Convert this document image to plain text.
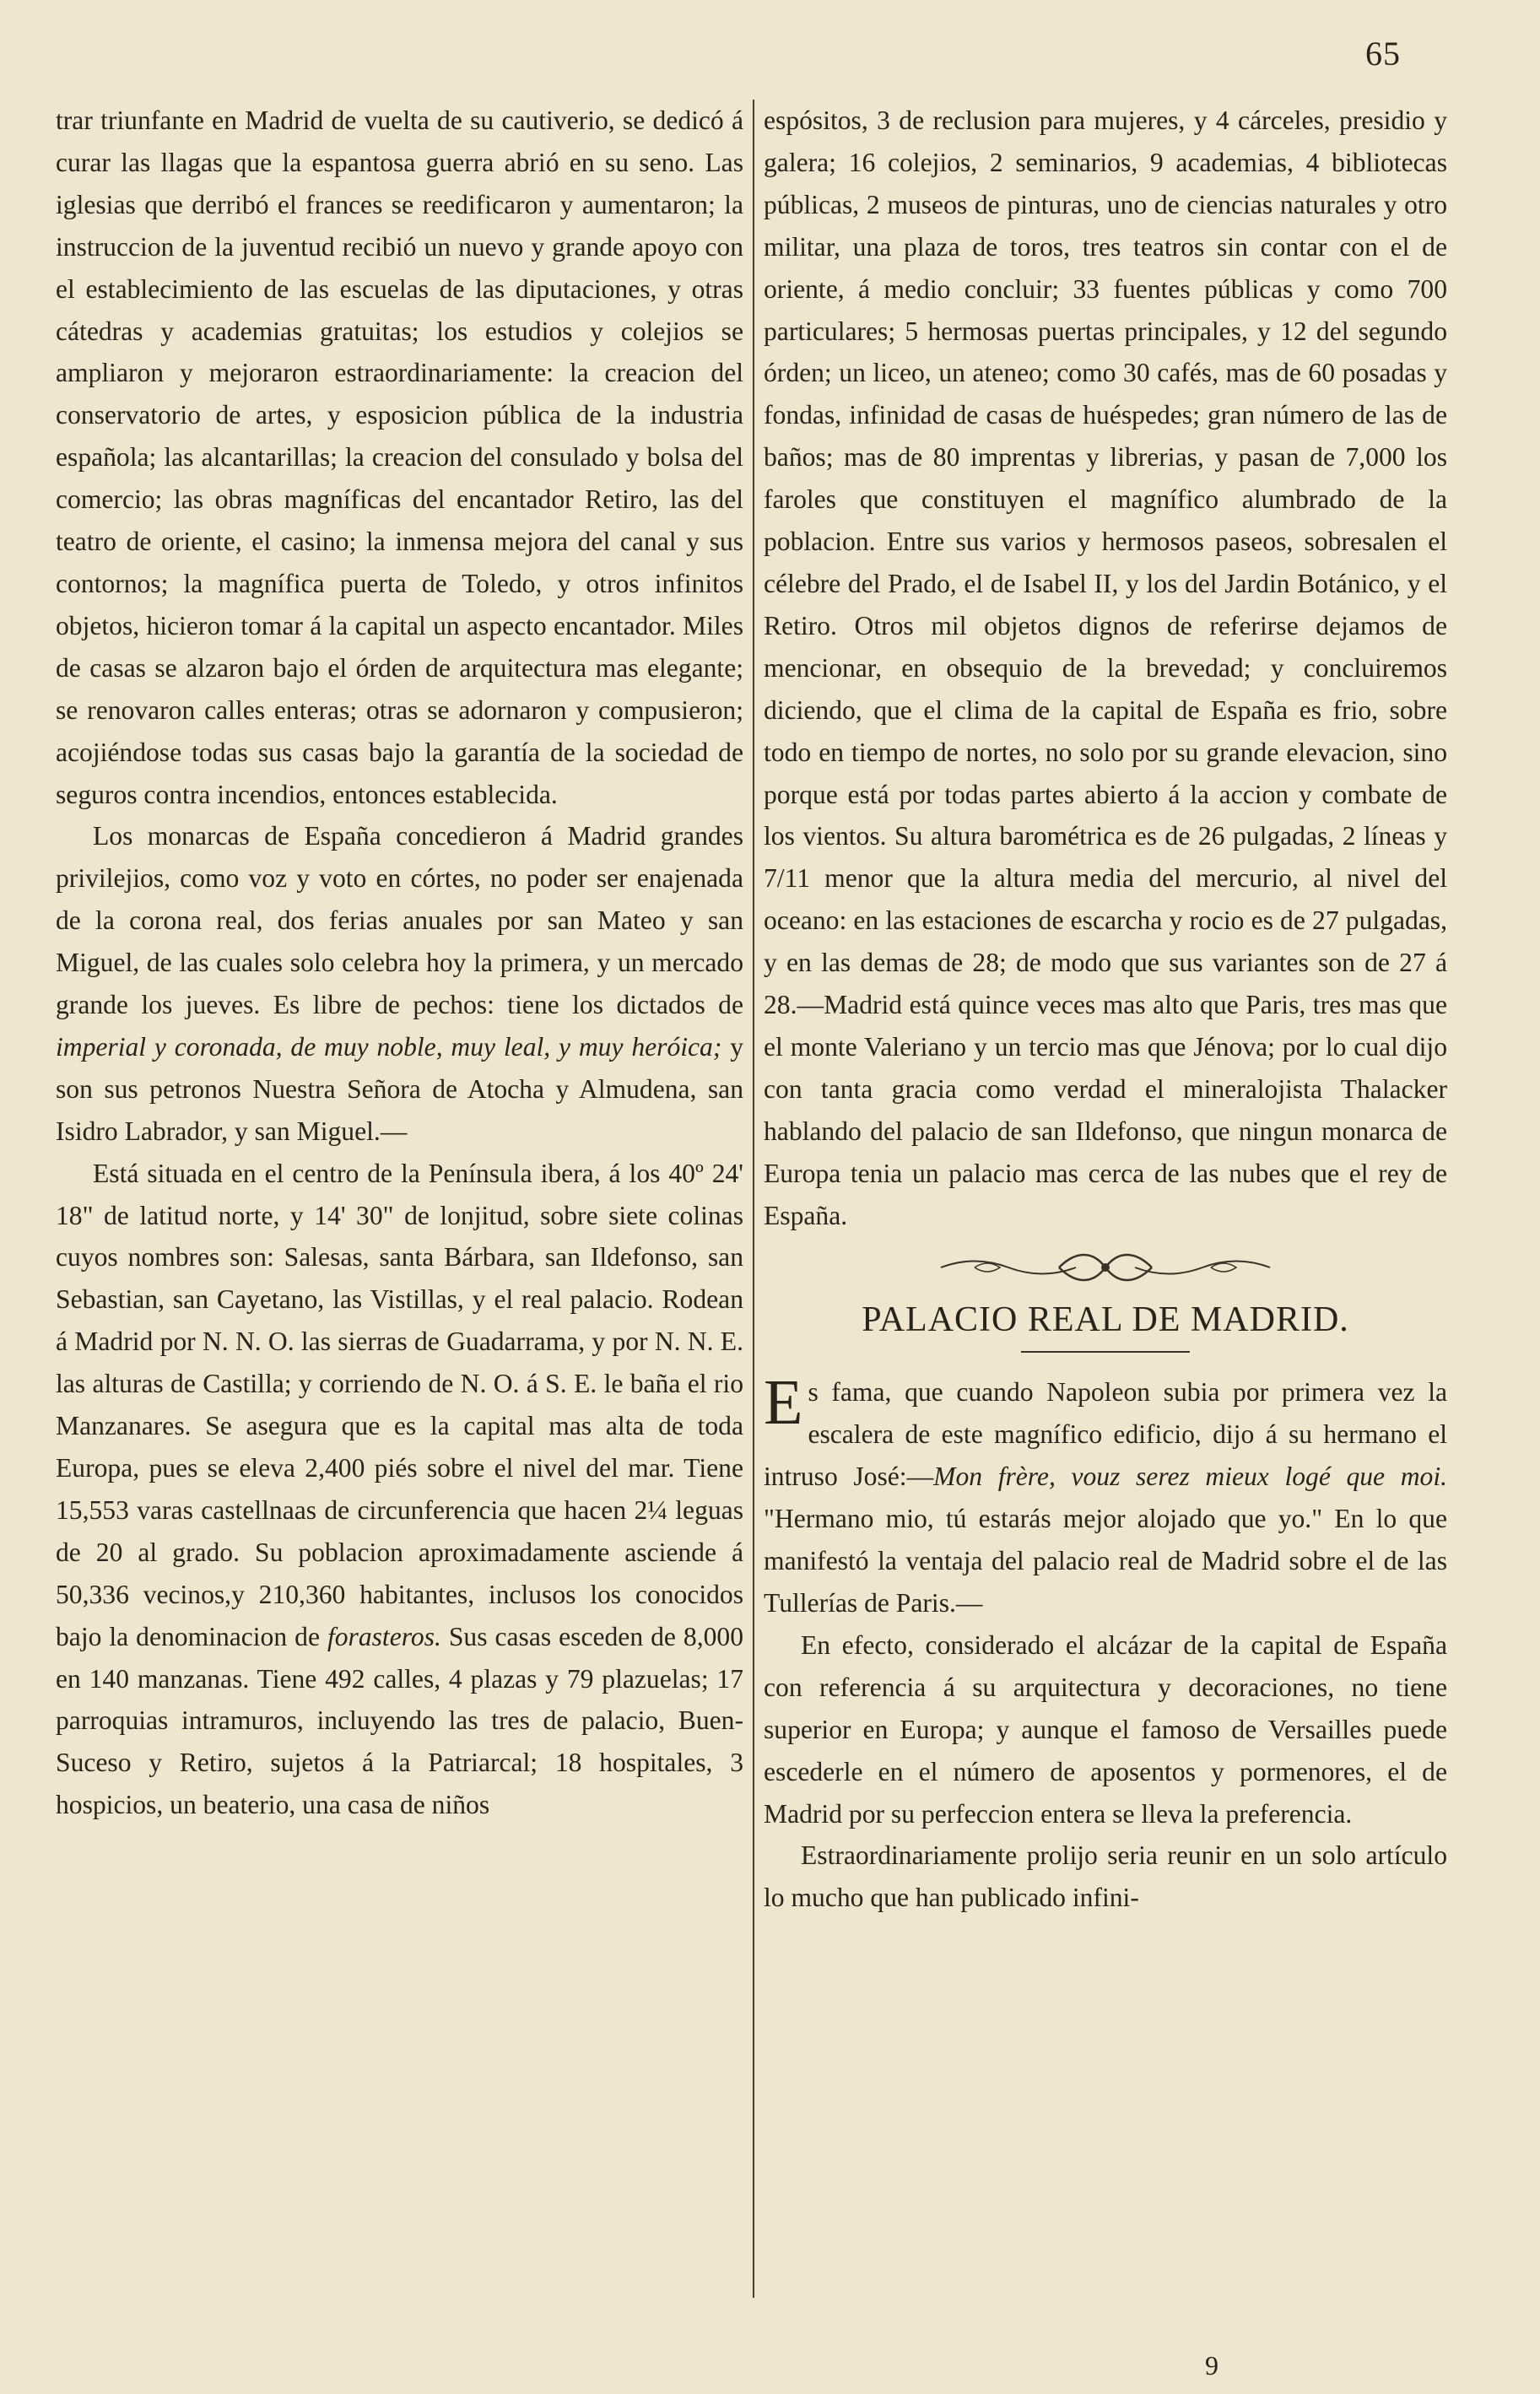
65

trar triunfante en Madrid de vuelta de su cautiverio, se dedicó á curar las llagas que la espantosa guerra abrió en su seno. Las iglesias que derribó el frances se reedificaron y aumentaron; la instruccion de la juventud recibió un nuevo y grande apoyo con el establecimiento de las escuelas de las diputaciones, y otras cátedras y academias gratuitas; los estudios y colejios se ampliaron y mejoraron estraordinariamente: la creacion del conservatorio de artes, y esposicion pública de la industria española; las alcantarillas; la creacion del consulado y bolsa del comercio; las obras magníficas del encantador Retiro, las del teatro de oriente, el casino; la inmensa mejora del canal y sus contornos; la magnífica puerta de Toledo, y otros infinitos objetos, hicieron tomar á la capital un aspecto encantador. Miles de casas se alzaron bajo el órden de arquitectura mas elegante; se renovaron calles enteras; otras se adornaron y compusieron; acojiéndose todas sus casas bajo la garantía de la sociedad de seguros contra incendios, entonces establecida.

Los monarcas de España concedieron á Madrid grandes privilejios, como voz y voto en córtes, no poder ser enajenada de la corona real, dos ferias anuales por san Mateo y san Miguel, de las cuales solo celebra hoy la primera, y un mercado grande los jueves. Es libre de pechos: tiene los dictados de imperial y coronada, de muy noble, muy leal, y muy heróica; y son sus petronos Nuestra Señora de Atocha y Almudena, san Isidro Labrador, y san Miguel.—

Está situada en el centro de la Península ibera, á los 40º 24' 18" de latitud norte, y 14' 30" de lonjitud, sobre siete colinas cuyos nombres son: Salesas, santa Bárbara, san Ildefonso, san Sebastian, san Cayetano, las Vistillas, y el real palacio. Rodean á Madrid por N. N. O. las sierras de Guadarrama, y por N. N. E. las alturas de Castilla; y corriendo de N. O. á S. E. le baña el rio Manzanares. Se asegura que es la capital mas alta de toda Europa, pues se eleva 2,400 piés sobre el nivel del mar. Tiene 15,553 varas castellnaas de circunferencia que hacen 2¼ leguas de 20 al grado. Su poblacion aproximadamente asciende á 50,336 vecinos,y 210,360 habitantes, inclusos los conocidos bajo la denominacion de forasteros. Sus casas esceden de 8,000 en 140 manzanas. Tiene 492 calles, 4 plazas y 79 plazuelas; 17 parroquias intramuros, incluyendo las tres de palacio, Buen-Suceso y Retiro, sujetos á la Patriarcal; 18 hospitales, 3 hospicios, un beaterio, una casa de niños

espósitos, 3 de reclusion para mujeres, y 4 cárceles, presidio y galera; 16 colejios, 2 seminarios, 9 academias, 4 bibliotecas públicas, 2 museos de pinturas, uno de ciencias naturales y otro militar, una plaza de toros, tres teatros sin contar con el de oriente, á medio concluir; 33 fuentes públicas y como 700 particulares; 5 hermosas puertas principales, y 12 del segundo órden; un liceo, un ateneo; como 30 cafés, mas de 60 posadas y fondas, infinidad de casas de huéspedes; gran número de las de baños; mas de 80 imprentas y librerias, y pasan de 7,000 los faroles que constituyen el magnífico alumbrado de la poblacion. Entre sus varios y hermosos paseos, sobresalen el célebre del Prado, el de Isabel II, y los del Jardin Botánico, y el Retiro. Otros mil objetos dignos de referirse dejamos de mencionar, en obsequio de la brevedad; y concluiremos diciendo, que el clima de la capital de España es frio, sobre todo en tiempo de nortes, no solo por su grande elevacion, sino porque está por todas partes abierto á la accion y combate de los vientos. Su altura barométrica es de 26 pulgadas, 2 líneas y 7/11 menor que la altura media del mercurio, al nivel del oceano: en las estaciones de escarcha y rocio es de 27 pulgadas, y en las demas de 28; de modo que sus variantes son de 27 á 28.—Madrid está quince veces mas alto que Paris, tres mas que el monte Valeriano y un tercio mas que Jénova; por lo cual dijo con tanta gracia como verdad el mineralojista Thalacker hablando del palacio de san Ildefonso, que ningun monarca de Europa tenia un palacio mas cerca de las nubes que el rey de España.

PALACIO REAL DE MADRID.

Es fama, que cuando Napoleon subia por primera vez la escalera de este magnífico edificio, dijo á su hermano el intruso José:—Mon frère, vouz serez mieux logé que moi. "Hermano mio, tú estarás mejor alojado que yo." En lo que manifestó la ventaja del palacio real de Madrid sobre el de las Tullerías de Paris.—

En efecto, considerado el alcázar de la capital de España con referencia á su arquitectura y decoraciones, no tiene superior en Europa; y aunque el famoso de Versailles puede escederle en el número de aposentos y pormenores, el de Madrid por su perfeccion entera se lleva la preferencia.

Estraordinariamente prolijo seria reunir en un solo artículo lo mucho que han publicado infini-

9
